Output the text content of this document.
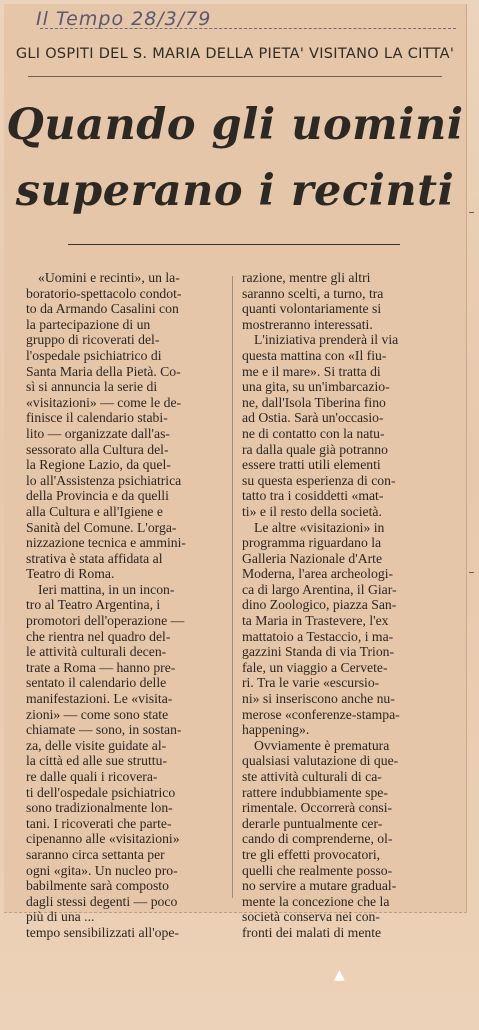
Il Tempo 28/3/79
GLI OSPITI DEL S. MARIA DELLA PIETA' VISITANO LA CITTA'
Quando gli uomini
superano i recinti

«Uomini e recinti», un la-
boratorio-spettacolo condot-
to da Armando Casalini con
la partecipazione di un
gruppo di ricoverati del-
l'ospedale psichiatrico di
Santa Maria della Pietà. Co-
sì si annuncia la serie di
«visitazioni» — come le de-
finisce il calendario stabi-
lito — organizzate dall'as-
sessorato alla Cultura del-
la Regione Lazio, da quel-
lo all'Assistenza psichiatrica
della Provincia e da quelli
alla Cultura e all'Igiene e
Sanità del Comune. L'orga-
nizzazione tecnica e ammini-
strativa è stata affidata al
Teatro di Roma.

Ieri mattina, in un incon-
tro al Teatro Argentina, i
promotori dell'operazione —
che rientra nel quadro del-
le attività culturali decen-
trate a Roma — hanno pre-
sentato il calendario delle
manifestazioni. Le «visita-
zioni» — come sono state
chiamate — sono, in sostan-
za, delle visite guidate al-
la città ed alle sue struttu-
re dalle quali i ricovera-
ti dell'ospedale psichiatrico
sono tradizionalmente lon-
tani. I ricoverati che parte-
cipenanno alle «visitazioni»
saranno circa settanta per
ogni «gita». Un nucleo pro-
babilmente sarà composto
dagli stessi degenti — poco
più di una ...
tempo sensibilizzati all'ope-

razione, mentre gli altri
saranno scelti, a turno, tra
quanti volontariamente si
mostreranno interessati.

L'iniziativa prenderà il via
questa mattina con «Il fiu-
me e il mare». Si tratta di
una gita, su un'imbarcazio-
ne, dall'Isola Tiberina fino
ad Ostia. Sarà un'occasio-
ne di contatto con la natu-
ra dalla quale già potranno
essere tratti utili elementi
su questa esperienza di con-
tatto tra i cosiddetti «mat-
ti» e il resto della società.

Le altre «visitazioni» in
programma riguardano la
Galleria Nazionale d'Arte
Moderna, l'area archeologi-
ca di largo Arentina, il Giar-
dino Zoologico, piazza San-
ta Maria in Trastevere, l'ex
mattatoio a Testaccio, i ma-
gazzini Standa di via Trion-
fale, un viaggio a Cervete-
ri. Tra le varie «escursio-
ni» si inseriscono anche nu-
merose «conferenze-stampa-
happening».

Ovviamente è prematura
qualsiasi valutazione di que-
ste attività culturali di ca-
rattere indubbiamente spe-
rimentale. Occorrerà consi-
derarle puntualmente cer-
cando di comprenderne, ol-
tre gli effetti provocatori,
quelli che realmente posso-
no servire a mutare gradual-
mente la concezione che la
società conserva nei con-
fronti dei malati di mente

▲
